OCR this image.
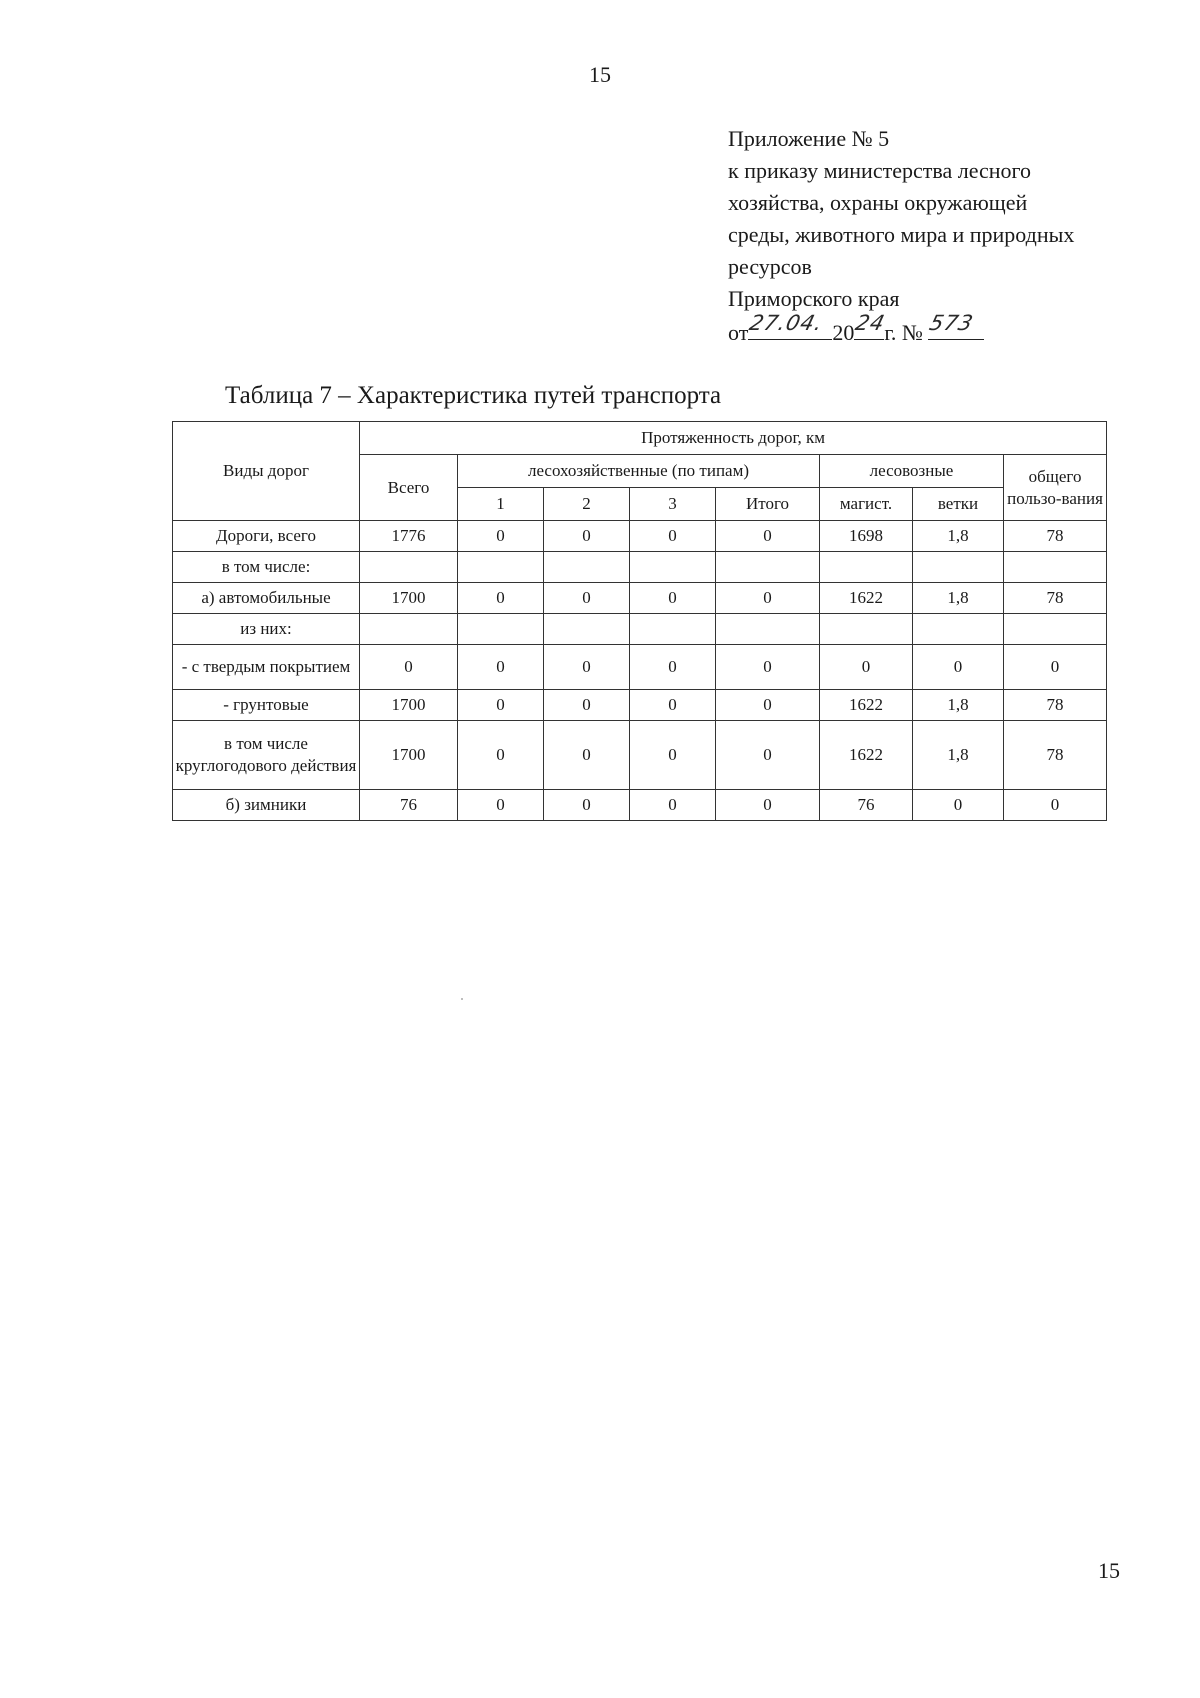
15
Приложение № 5
к приказу министерства лесного
хозяйства, охраны окружающей
среды, животного мира и природных
ресурсов
Приморского края
от 27.04. 20 24
г. № 573
Таблица 7 – Характеристика путей транспорта
Виды дорог	Протяженность дорог, км							
	Всего	лесохозяйственные (по типам)				лесовозные		общего пользо-вания
		1	2	3	Итого	магист.	ветки	
Дороги, всего	1776	0	0	0	0	1698	1,8	78
в том числе:								
а) автомобильные	1700	0	0	0	0	1622	1,8	78
из них:								
- с твердым покрытием	0	0	0	0	0	0	0	0
- грунтовые	1700	0	0	0	0	1622	1,8	78
в том числе круглогодового действия	1700	0	0	0	0	1622	1,8	78
б) зимники	76	0	0	0	0	76	0	0
15
